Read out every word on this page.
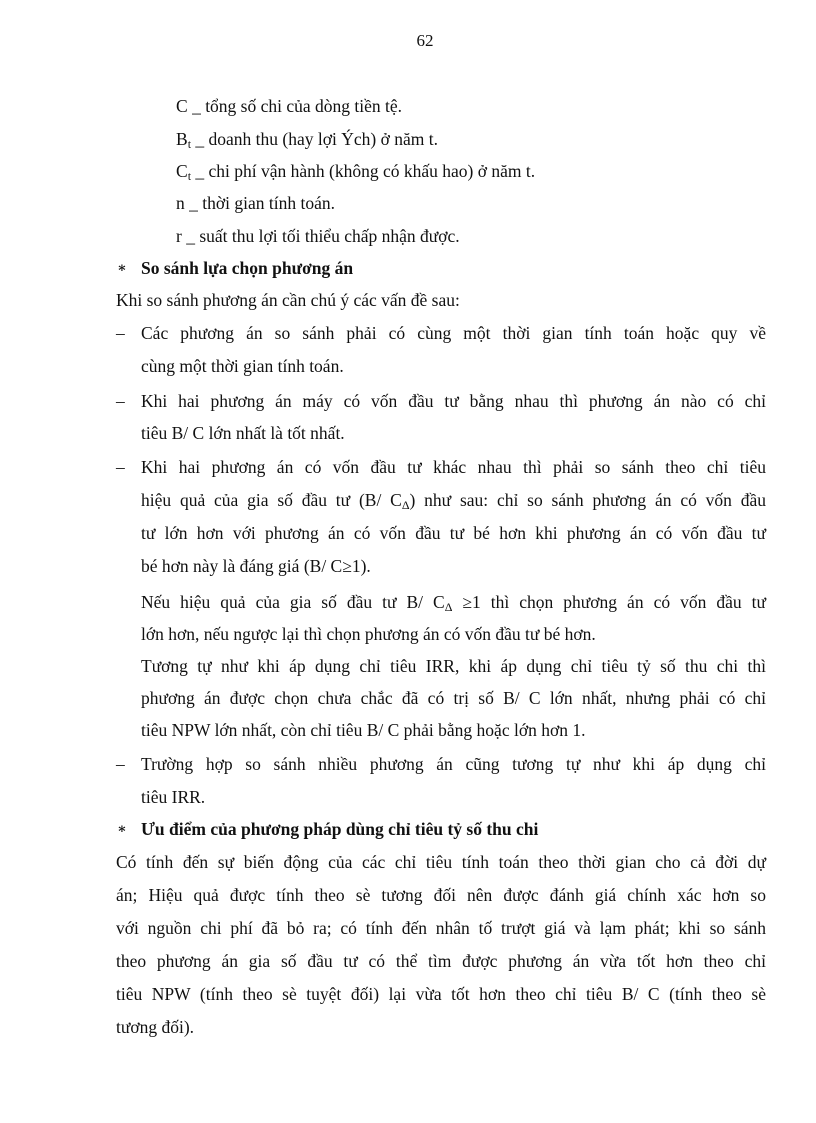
62
C _ tổng số chi của dòng tiền tệ.
$B_t$ _ doanh thu (hay lợi Ých) ở năm t.
$C_t$ _ chi phí vận hành (không có khấu hao) ở năm t.
n _ thời gian tính toán.
r _ suất thu lợi tối thiểu chấp nhận được.
∗ So sánh lựa chọn phương án
Khi so sánh phương án cần chú ý các vấn đề sau:
– Các phương án so sánh phải có cùng một thời gian tính toán hoặc quy về
cùng một thời gian tính toán.
– Khi hai phương án máy có vốn đầu tư bằng nhau thì phương án nào có chỉ
tiêu B/ C lớn nhất là tốt nhất.
– Khi hai phương án có vốn đầu tư khác nhau thì phải so sánh theo chỉ tiêu
hiệu quả của gia số đầu tư (B/ $C_\Delta$) như sau: chỉ so sánh phương án có vốn đầu
tư lớn hơn với phương án có vốn đầu tư bé hơn khi phương án có vốn đầu tư
bé hơn này là đáng giá (B/ C≥1).
Nếu hiệu quả của gia số đầu tư B/ $C_\Delta \ge 1$ thì chọn phương án có vốn đầu tư
lớn hơn, nếu ngược lại thì chọn phương án có vốn đầu tư bé hơn.
Tương tự như khi áp dụng chỉ tiêu IRR, khi áp dụng chỉ tiêu tỷ số thu chi thì
phương án được chọn chưa chắc đã có trị số B/ C lớn nhất, nhưng phải có chỉ
tiêu NPW lớn nhất, còn chỉ tiêu B/ C phải bằng hoặc lớn hơn 1.
– Trường hợp so sánh nhiều phương án cũng tương tự như khi áp dụng chỉ
tiêu IRR.
∗ Ưu điểm của phương pháp dùng chỉ tiêu tỷ số thu chi
Có tính đến sự biến động của các chỉ tiêu tính toán theo thời gian cho cả đời dự
án; Hiệu quả được tính theo sè tương đối nên được đánh giá chính xác hơn so
với nguồn chi phí đã bỏ ra; có tính đến nhân tố trượt giá và lạm phát; khi so sánh
theo phương án gia số đầu tư có thể tìm được phương án vừa tốt hơn theo chỉ
tiêu NPW (tính theo sè tuyệt đối) lại vừa tốt hơn theo chỉ tiêu B/ C (tính theo sè
tương đối).
